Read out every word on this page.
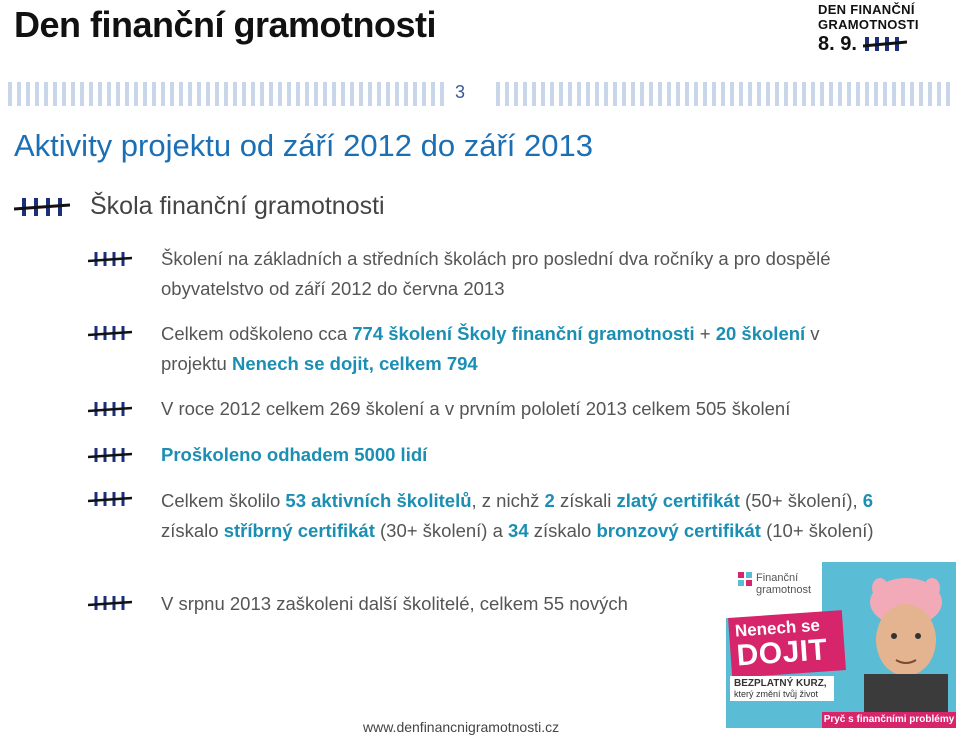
Den finanční gramotnosti	DEN FINANČNÍ
GRAMOTNOSTI
8. 9.
3
Aktivity projektu od září 2012 do září 2013
Škola finanční gramotnosti
Školení na základních a středních školách pro poslední dva ročníky a pro dospělé obyvatelstvo od září 2012 do června 2013
Celkem odškoleno cca 774 školení Školy finanční gramotnosti + 20 školení v projektu Nenech se dojit, celkem 794
V roce 2012 celkem 269 školení a v prvním pololetí 2013 celkem 505 školení
Proškoleno odhadem 5000 lidí
Celkem školilo 53 aktivních školitelů, z nichž 2 získali zlatý certifikát (50+ školení), 6 získalo stříbrný certifikát (30+ školení) a 34 získalo bronzový certifikát (10+ školení)
V srpnu 2013 zaškoleni další školitelé, celkem 55 nových
Finanční
gramotnost
Nenech se
DOJIT
BEZPLATNÝ KURZ,
který změní tvůj život
Pryč s finančními problémy
www.denfinancnigramotnosti.cz
